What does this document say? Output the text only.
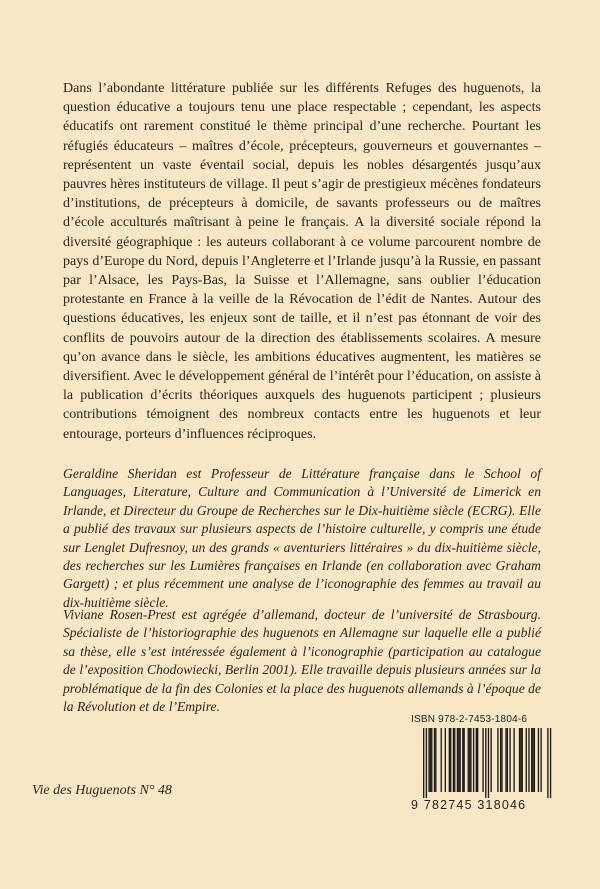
Dans l’abondante littérature publiée sur les différents Refuges des huguenots, la question éducative a toujours tenu une place respectable ; cependant, les aspects éducatifs ont rarement constitué le thème principal d’une recherche. Pourtant les réfugiés éducateurs – maîtres d’école, précepteurs, gouverneurs et gouvernantes – représentent un vaste éventail social, depuis les nobles désargentés jusqu’aux pauvres hères instituteurs de village. Il peut s’agir de prestigieux mécènes fondateurs d’institutions, de précepteurs à domicile, de savants professeurs ou de maîtres d’école acculturés maîtrisant à peine le français. A la diversité sociale répond la diversité géographique : les auteurs collaborant à ce volume parcourent nombre de pays d’Europe du Nord, depuis l’Angleterre et l’Irlande jusqu’à la Russie, en passant par l’Alsace, les Pays-Bas, la Suisse et l’Allemagne, sans oublier l’éducation protestante en France à la veille de la Révocation de l’édit de Nantes. Autour des questions éducatives, les enjeux sont de taille, et il n’est pas étonnant de voir des conflits de pouvoirs autour de la direction des établissements scolaires. A mesure qu’on avance dans le siècle, les ambitions éducatives augmentent, les matières se diversifient. Avec le développement général de l’intérêt pour l’éducation, on assiste à la publication d’écrits théoriques auxquels des huguenots participent ; plusieurs contributions témoignent des nombreux contacts entre les huguenots et leur entourage, porteurs d’influences réciproques.

Geraldine Sheridan est Professeur de Littérature française dans le School of Languages, Literature, Culture and Communication à l’Université de Limerick en Irlande, et Directeur du Groupe de Recherches sur le Dix-huitième siècle (ECRG). Elle a publié des travaux sur plusieurs aspects de l’histoire culturelle, y compris une étude sur Lenglet Dufresnoy, un des grands « aventuriers littéraires » du dix-huitième siècle, des recherches sur les Lumières françaises en Irlande (en collaboration avec Graham Gargett) ; et plus récemment une analyse de l’iconographie des femmes au travail au dix-huitième siècle.

Viviane Rosen-Prest est agrégée d’allemand, docteur de l’université de Strasbourg. Spécialiste de l’historiographie des huguenots en Allemagne sur laquelle elle a publié sa thèse, elle s’est intéressée également à l’iconographie (participation au catalogue de l’exposition Chodowiecki, Berlin 2001). Elle travaille depuis plusieurs années sur la problématique de la fin des Colonies et la place des huguenots allemands à l’époque de la Révolution et de l’Empire.

Vie des Huguenots N° 48
ISBN 978-2-7453-1804-6
9 782745 318046
